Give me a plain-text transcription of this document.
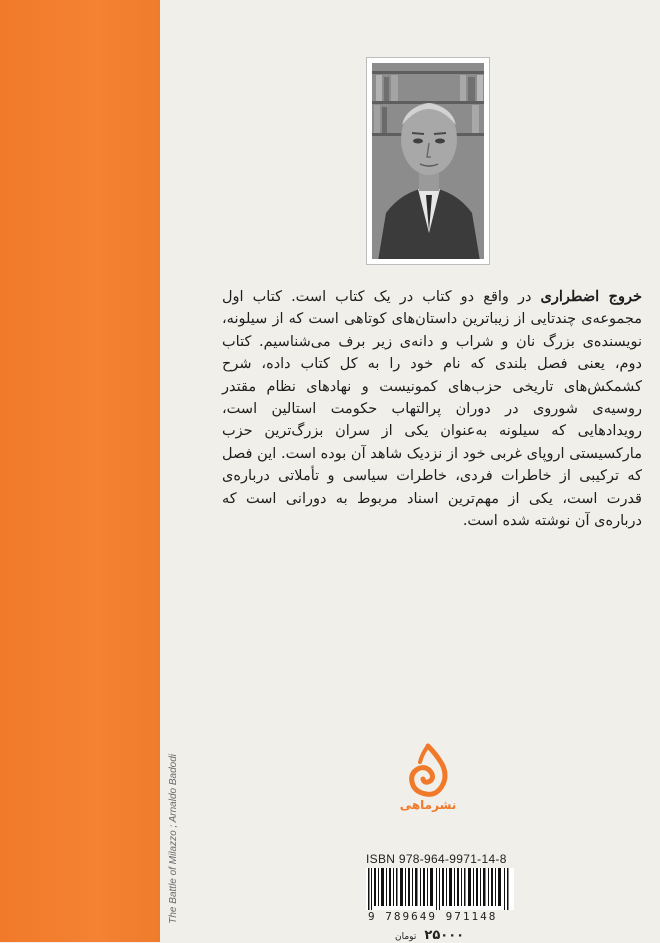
The Battle of Milazzo ; Arnaldo Badodi
خروج اضطراری در واقع دو کتاب در یک کتاب است. کتاب اول مجموعه‌ی چندتایی از زیباترین داستان‌های کوتاهی است که از سیلونه، نویسنده‌ی بزرگ نان و شراب و دانه‌ی زیر برف می‌شناسیم. کتاب دوم، یعنی فصل بلندی که نام خود را به کل کتاب داده، شرح کشمکش‌های تاریخی حزب‌های کمونیست و نهادهای نظام مقتدر روسیه‌ی شوروی در دوران پرالتهاب حکومت استالین است، رویدادهایی که سیلونه به‌عنوان یکی از سران بزرگ‌ترین حزب مارکسیستی اروپای غربی خود از نزدیک شاهد آن بوده است. این فصل که ترکیبی از خاطرات فردی، خاطرات سیاسی و تأملاتی درباره‌ی قدرت است، یکی از مهم‌ترین اسناد مربوط به دورانی است که درباره‌ی آن نوشته شده است.
نشرماهی
ISBN 978-964-9971-14-8
9 789649 971148
۲۵۰۰۰ تومان
